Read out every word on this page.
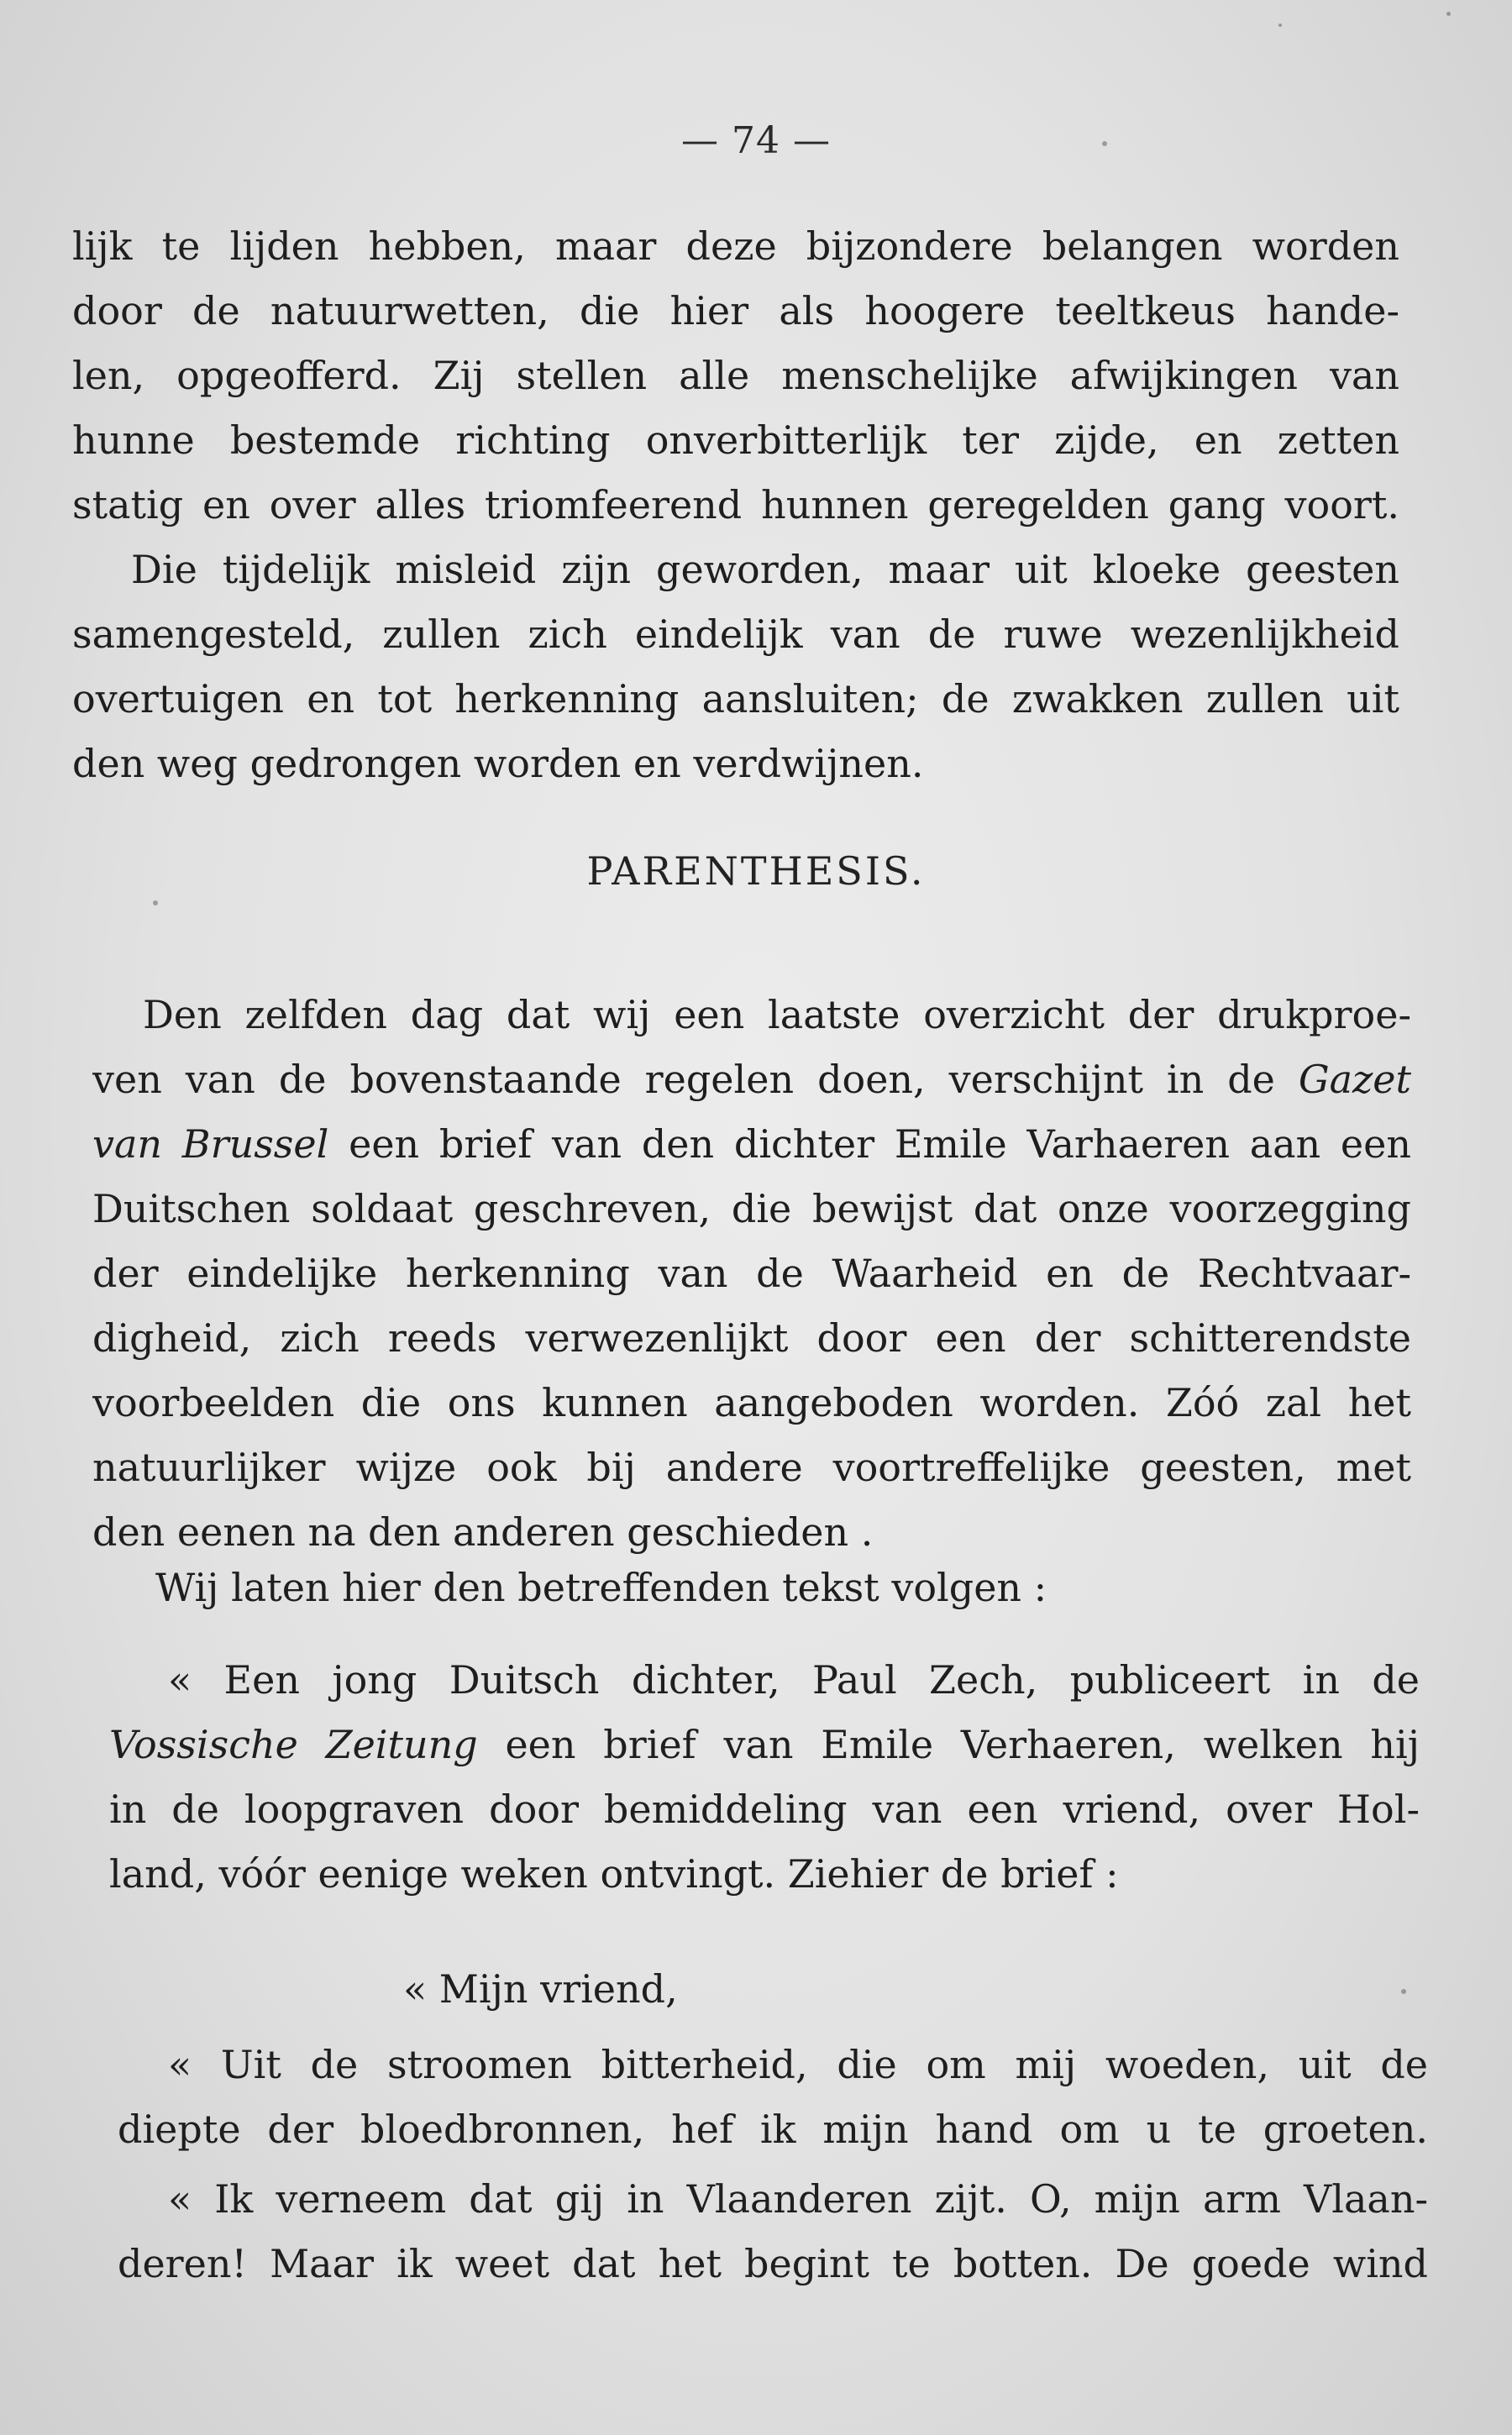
— 74 —
lijk te lijden hebben, maar deze bijzondere belangen worden
door de natuurwetten, die hier als hoogere teeltkeus hande-
len, opgeofferd. Zij stellen alle menschelijke afwijkingen van
hunne bestemde richting onverbitterlijk ter zijde, en zetten
statig en over alles triomfeerend hunnen geregelden gang voort.
Die tijdelijk misleid zijn geworden, maar uit kloeke geesten
samengesteld, zullen zich eindelijk van de ruwe wezenlijkheid
overtuigen en tot herkenning aansluiten; de zwakken zullen uit
den weg gedrongen worden en verdwijnen.
PARENTHESIS.
Den zelfden dag dat wij een laatste overzicht der drukproe-
ven van de bovenstaande regelen doen, verschijnt in de Gazet
van Brussel een brief van den dichter Emile Varhaeren aan een
Duitschen soldaat geschreven, die bewijst dat onze voorzegging
der eindelijke herkenning van de Waarheid en de Rechtvaar-
digheid, zich reeds verwezenlijkt door een der schitterendste
voorbeelden die ons kunnen aangeboden worden. Zóó zal het
natuurlijker wijze ook bij andere voortreffelijke geesten, met
den eenen na den anderen geschieden .
Wij laten hier den betreffenden tekst volgen :
« Een jong Duitsch dichter, Paul Zech, publiceert in de
Vossische Zeitung een brief van Emile Verhaeren, welken hij
in de loopgraven door bemiddeling van een vriend, over Hol-
land, vóór eenige weken ontvingt. Ziehier de brief :
« Mijn vriend,
« Uit de stroomen bitterheid, die om mij woeden, uit de
diepte der bloedbronnen, hef ik mijn hand om u te groeten.
« Ik verneem dat gij in Vlaanderen zijt. O, mijn arm Vlaan-
deren! Maar ik weet dat het begint te botten. De goede wind
